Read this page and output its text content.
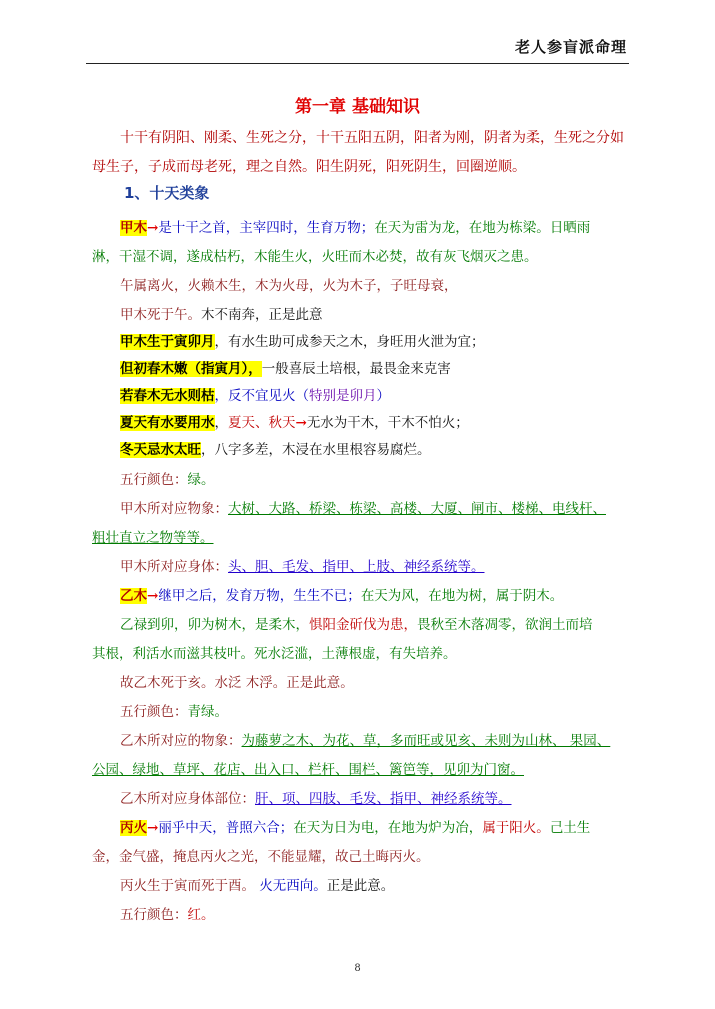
老人参盲派命理
第一章 基础知识
十干有阴阳、刚柔、生死之分，十干五阳五阴，阳者为刚，阴者为柔，生死之分如母生子，子成而母老死，理之自然。阳生阴死，阳死阴生，回圈逆顺。
1、十天类象
甲木→是十干之首，主宰四时，生育万物；在天为雷为龙，在地为栋梁。日晒雨
淋，干湿不调，遂成枯朽，木能生火，火旺而木必焚，故有灰飞烟灭之患。
午属离火，火赖木生，木为火母，火为木子，子旺母衰，
甲木死于午。木不南奔，正是此意
甲木生于寅卯月，有水生助可成参天之木，身旺用火泄为宜；
但初春木嫩（指寅月），一般喜辰土培根，最畏金来克害
若春木无水则枯，反不宜见火（特别是卯月）
夏天有水要用水，夏天、秋天→无水为干木，干木不怕火；
冬天忌水太旺，八字多差，木浸在水里根容易腐烂。
五行颜色：绿。
甲木所对应物象：大树、大路、桥梁、栋梁、高楼、大厦、闸市、楼梯、电线杆、
粗壮直立之物等等。
甲木所对应身体：头、胆、毛发、指甲、上肢、神经系统等。
乙木→继甲之后，发育万物，生生不已；在天为风，在地为树，属于阴木。
乙禄到卯，卯为树木，是柔木，惧阳金斫伐为患，畏秋至木落凋零，欲润土而培
其根，利活水而滋其枝叶。死水泛滥，土薄根虚，有失培养。
故乙木死于亥。水泛 木浮。正是此意。
五行颜色：青绿。
乙木所对应的物象：为藤萝之木、为花、草，多而旺或见亥、未则为山林、 果园、
公园、绿地、草坪、花店、出入口、栏杆、围栏、篱笆等，见卯为门窗。
乙木所对应身体部位：肝、项、四肢、毛发、指甲、神经系统等。
丙火→丽乎中天，普照六合；在天为日为电，在地为炉为冶，属于阳火。己土生
金，金气盛，掩息丙火之光，不能显耀，故己土晦丙火。
丙火生于寅而死于酉。 火无西向。正是此意。
五行颜色：红。
8
